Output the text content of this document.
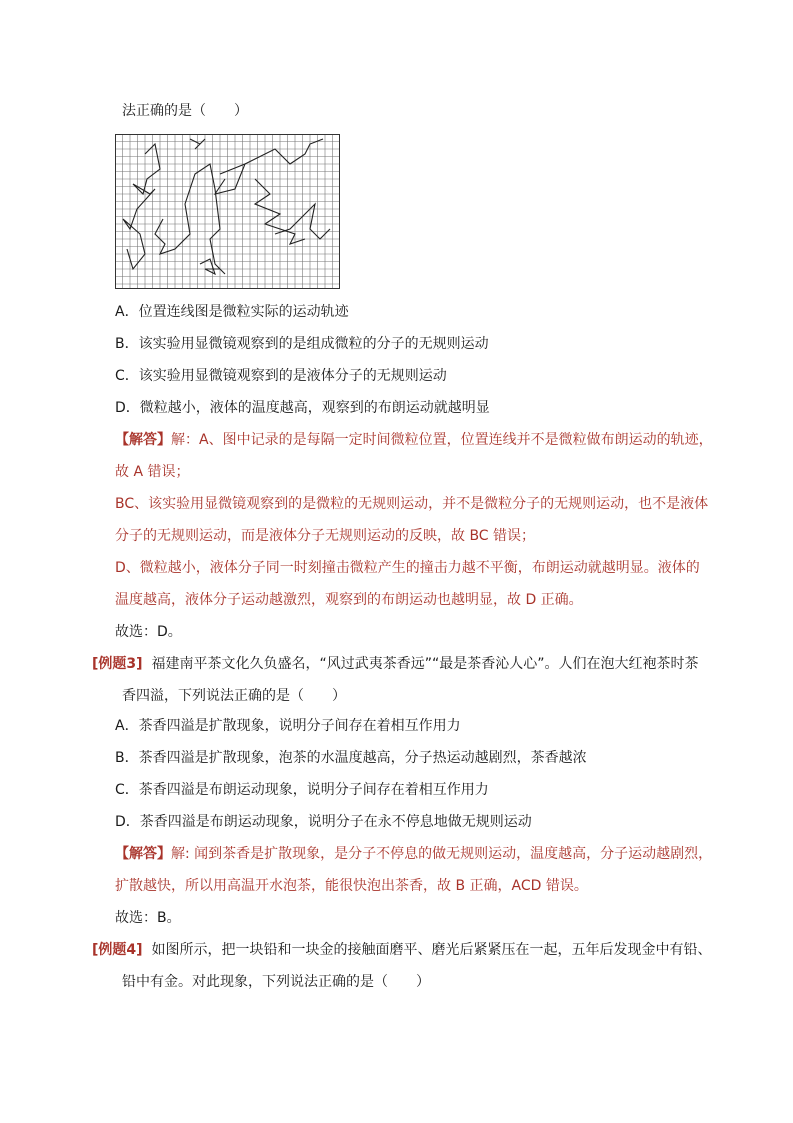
法正确的是（　　）
A．位置连线图是微粒实际的运动轨迹
B．该实验用显微镜观察到的是组成微粒的分子的无规则运动
C．该实验用显微镜观察到的是液体分子的无规则运动
D．微粒越小，液体的温度越高，观察到的布朗运动就越明显
【解答】解：A、图中记录的是每隔一定时间微粒位置，位置连线并不是微粒做布朗运动的轨迹，
故 A 错误；
BC、该实验用显微镜观察到的是微粒的无规则运动，并不是微粒分子的无规则运动，也不是液体
分子的无规则运动，而是液体分子无规则运动的反映，故 BC 错误；
D、微粒越小，液体分子同一时刻撞击微粒产生的撞击力越不平衡，布朗运动就越明显。液体的
温度越高，液体分子运动越激烈，观察到的布朗运动也越明显，故 D 正确。
故选：D。
[例题3] 福建南平茶文化久负盛名，“风过武夷茶香远”“最是茶香沁人心”。人们在泡大红袍茶时茶
香四溢，下列说法正确的是（　　）
A．茶香四溢是扩散现象，说明分子间存在着相互作用力
B．茶香四溢是扩散现象，泡茶的水温度越高，分子热运动越剧烈，茶香越浓
C．茶香四溢是布朗运动现象，说明分子间存在着相互作用力
D．茶香四溢是布朗运动现象，说明分子在永不停息地做无规则运动
【解答】解: 闻到茶香是扩散现象，是分子不停息的做无规则运动，温度越高，分子运动越剧烈，
扩散越快，所以用高温开水泡茶，能很快泡出茶香，故 B 正确，ACD 错误。
故选：B。
[例题4] 如图所示，把一块铅和一块金的接触面磨平、磨光后紧紧压在一起，五年后发现金中有铅、
铅中有金。对此现象，下列说法正确的是（　　）
